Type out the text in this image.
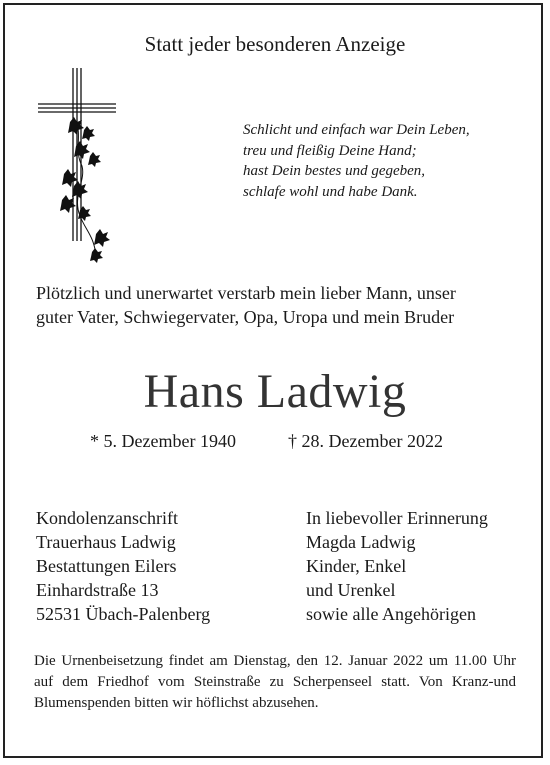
Statt jeder besonderen Anzeige
Schlicht und einfach war Dein Leben,
treu und fleißig Deine Hand;
hast Dein bestes und gegeben,
schlafe wohl und habe Dank.
Plötzlich und unerwartet verstarb mein lieber Mann, unser
guter Vater, Schwiegervater, Opa, Uropa und mein Bruder
Hans Ladwig
* 5. Dezember 1940	† 28. Dezember 2022
Kondolenzanschrift
Trauerhaus Ladwig
Bestattungen Eilers
Einhardstraße 13
52531 Übach-Palenberg
In liebevoller Erinnerung
Magda Ladwig
Kinder, Enkel
und Urenkel
sowie alle Angehörigen
Die Urnenbeisetzung findet am Dienstag, den 12. Januar 2022 um 11.00 Uhr auf dem Friedhof vom Steinstraße zu Scherpenseel statt. Von Kranz-und Blumenspenden bitten wir höflichst abzusehen.
